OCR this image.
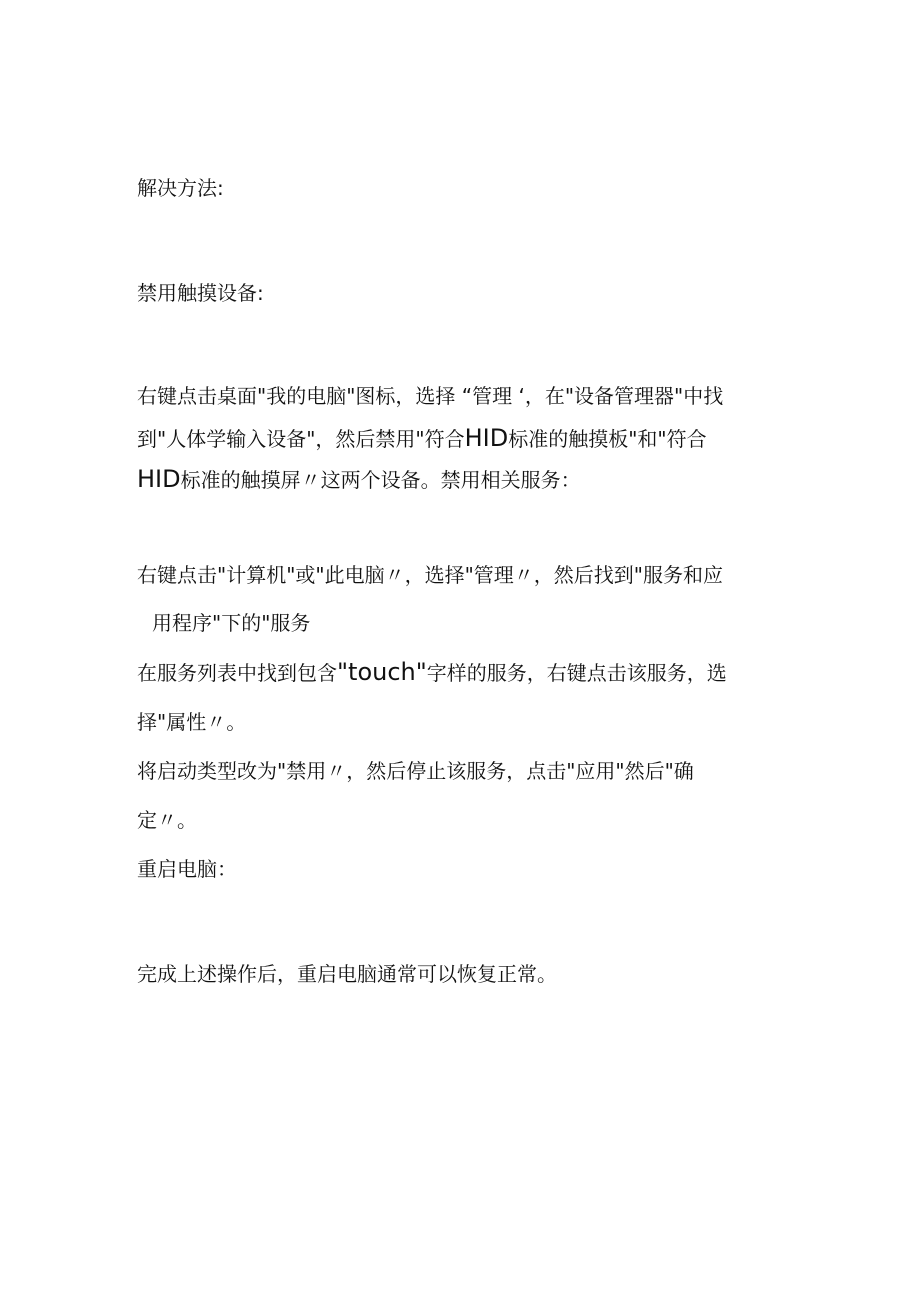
解决方法:
禁用触摸设备:
右键点击桌面"我的电脑"图标，选择 “管理 ‘，在"设备管理器"中找
到"人体学输入设备"，然后禁用"符合HID标准的触摸板"和"符合
HID标准的触摸屏〃这两个设备。禁用相关服务：
右键点击"计算机"或"此电脑〃，选择"管理〃，然后找到"服务和应
用程序"下的"服务
在服务列表中找到包含"touch"字样的服务，右键点击该服务，选
择"属性〃。
将启动类型改为"禁用〃，然后停止该服务，点击"应用"然后"确
定〃。
重启电脑：
完成上述操作后，重启电脑通常可以恢复正常。
